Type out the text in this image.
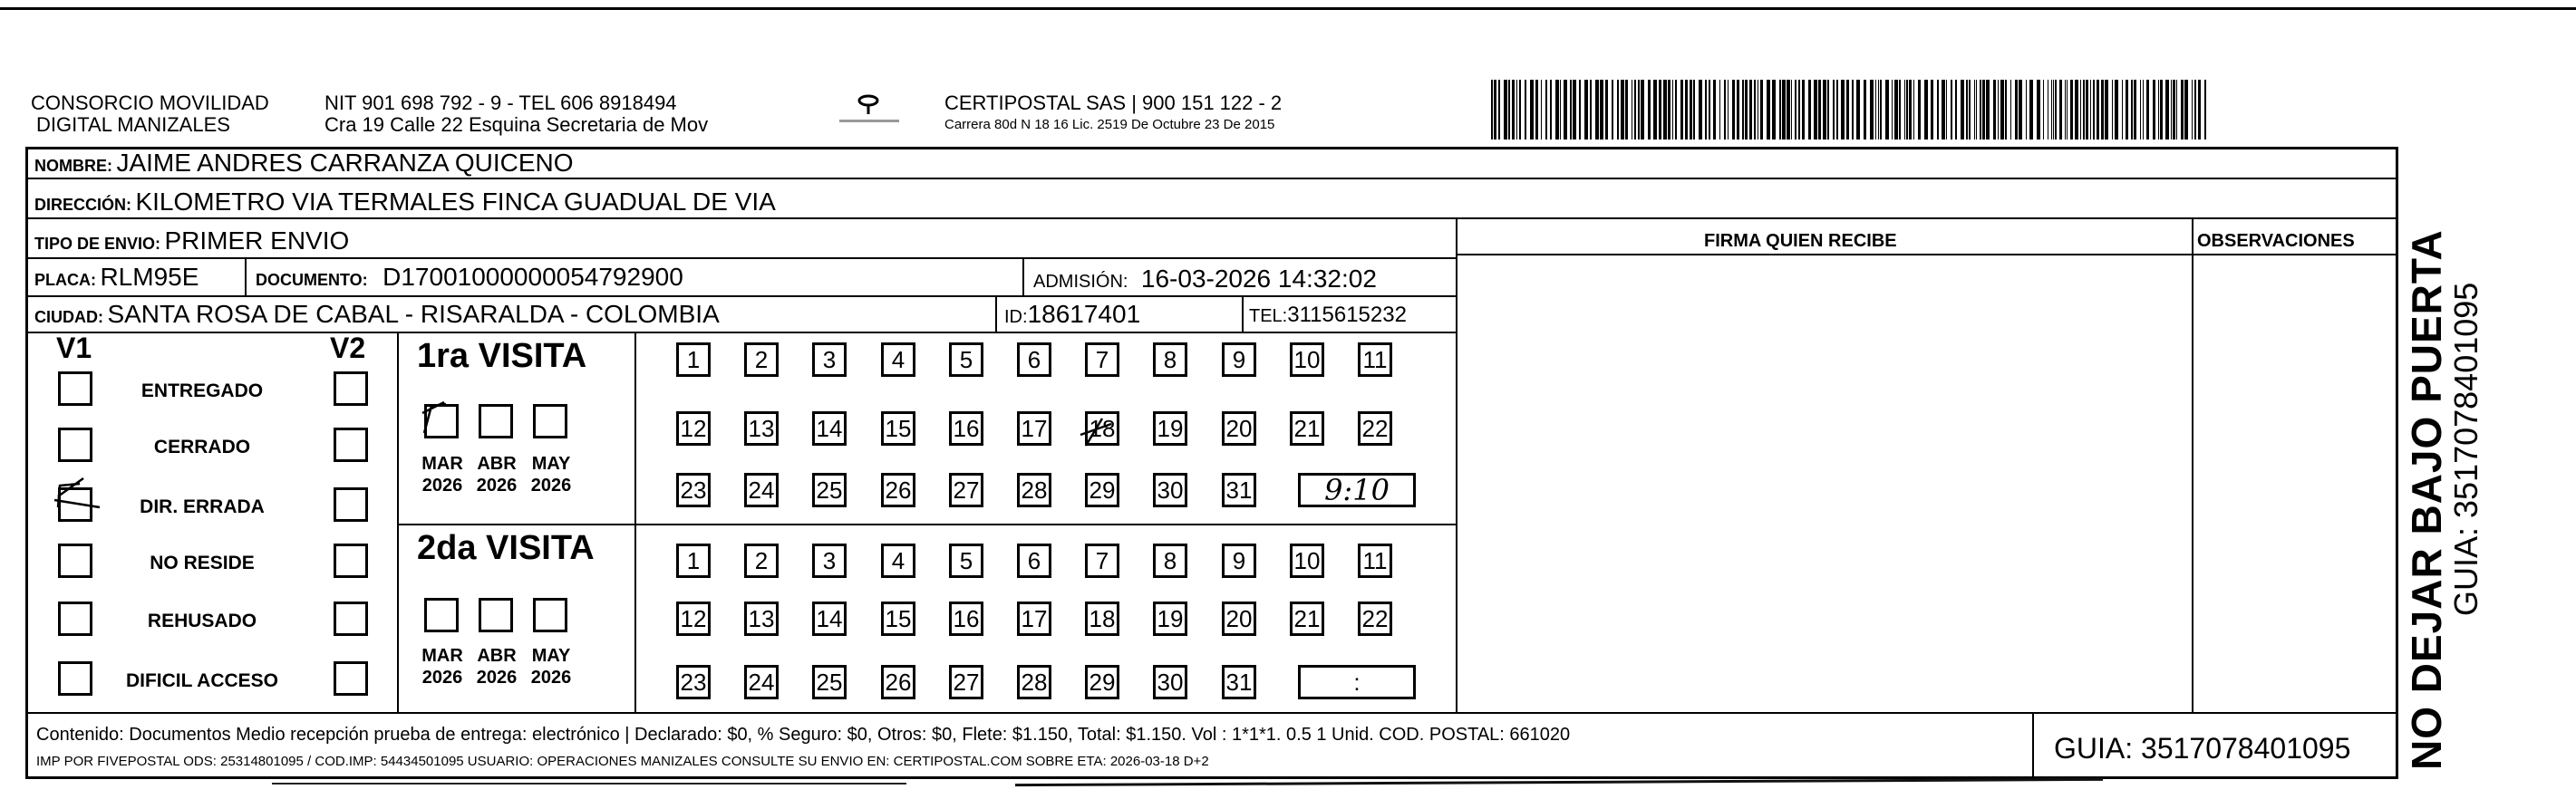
CONSORCIO MOVILIDAD
DIGITAL MANIZALES
NIT 901 698 792 - 9 - TEL 606 8918494
Cra 19 Calle 22 Esquina Secretaria de Mov
CERTIPOSTAL SAS | 900 151 122 - 2
Carrera 80d N 18 16 Lic. 2519 De Octubre 23 De 2015
NOMBRE: JAIME ANDRES CARRANZA QUICENO
DIRECCIÓN: KILOMETRO VIA TERMALES FINCA GUADUAL DE VIA
TIPO DE ENVIO: PRIMER ENVIO	FIRMA QUIEN RECIBE	OBSERVACIONES
PLACA: RLM95E	DOCUMENTO: D17001000000054792900	ADMISIÓN: 16-03-2026 14:32:02
CIUDAD: SANTA ROSA DE CABAL - RISARALDA - COLOMBIA	ID:18617401	TEL:3115615232
V1	V2
ENTREGADO
CERRADO
DIR. ERRADA
NO RESIDE
REHUSADO
DIFICIL ACCESO
1ra VISITA
2da VISITA
MAR
2026
ABR
2026
MAY
2026
MAR
2026
ABR
2026
MAY
2026
1	2	3	4	5	6	7	8	9	10 11
12 13 14 15 16 17 18 19 20 21 22
23 24 25 26 27 28 29 30 31 9:10
1	2	3	4	5	6	7	8	9	10 11
12 13 14 15 16 17 18 19 20 21 22
23 24 25 26 27 28 29 30 31	:
Contenido: Documentos Medio recepción prueba de entrega: electrónico | Declarado: $0, % Seguro: $0, Otros: $0, Flete: $1.150, Total: $1.150. Vol : 1*1*1. 0.5 1 Unid. COD. POSTAL: 661020
IMP POR FIVEPOSTAL ODS: 25314801095 / COD.IMP: 54434501095 USUARIO: OPERACIONES MANIZALES CONSULTE SU ENVIO EN: CERTIPOSTAL.COM SOBRE ETA: 2026-03-18 D+2	GUIA: 3517078401095 NO DEJAR BAJO PUERTA
GUIA: 3517078401095
